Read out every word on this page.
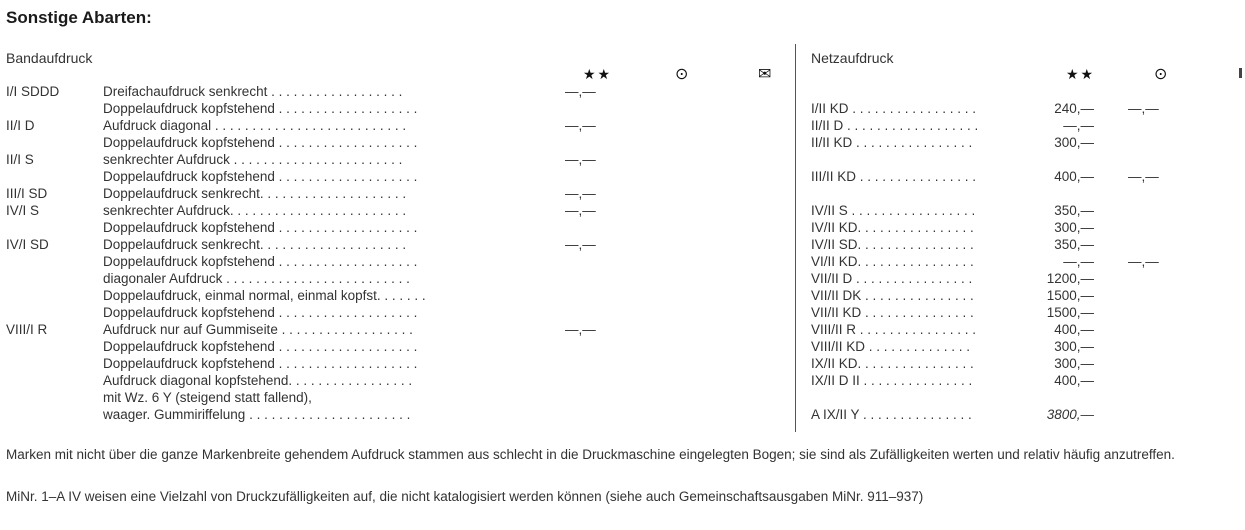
Sonstige Abarten:
Bandaufdruck
★★	⊙	✉
Netzaufdruck
★★	⊙
I/I SDDD	Dreifachaufdruck senkrecht . . . . . . . . . . . . . . . . . .	—,—
Doppelaufdruck kopfstehend . . . . . . . . . . . . . . . . . . .
II/I D	Aufdruck diagonal . . . . . . . . . . . . . . . . . . . . . . . . . .	—,—
Doppelaufdruck kopfstehend . . . . . . . . . . . . . . . . . . .
II/I S	senkrechter Aufdruck . . . . . . . . . . . . . . . . . . . . . . .	—,—
Doppelaufdruck kopfstehend . . . . . . . . . . . . . . . . . . .
III/I SD	Doppelaufdruck senkrecht. . . . . . . . . . . . . . . . . . . .	—,—
IV/I S	senkrechter Aufdruck. . . . . . . . . . . . . . . . . . . . . . . .	—,—
Doppelaufdruck kopfstehend . . . . . . . . . . . . . . . . . . .
IV/I SD	Doppelaufdruck senkrecht. . . . . . . . . . . . . . . . . . . .	—,—
Doppelaufdruck kopfstehend . . . . . . . . . . . . . . . . . . .
diagonaler Aufdruck . . . . . . . . . . . . . . . . . . . . . . . . .
Doppelaufdruck, einmal normal, einmal kopfst. . . . . . .
Doppelaufdruck kopfstehend . . . . . . . . . . . . . . . . . . .
VIII/I R	Aufdruck nur auf Gummiseite . . . . . . . . . . . . . . . . . .	—,—
Doppelaufdruck kopfstehend . . . . . . . . . . . . . . . . . . .
Doppelaufdruck kopfstehend . . . . . . . . . . . . . . . . . . .
Aufdruck diagonal kopfstehend. . . . . . . . . . . . . . . . .
mit Wz. 6 Y (steigend statt fallend),
waager. Gummiriffelung . . . . . . . . . . . . . . . . . . . . . .
I/II KD . . . . . . . . . . . . . . . . .	240,—	—,—
II/II D . . . . . . . . . . . . . . . . . .	—,—
II/II KD . . . . . . . . . . . . . . . .	300,—
III/II KD . . . . . . . . . . . . . . . .	400,—	—,—
IV/II S . . . . . . . . . . . . . . . . .	350,—
IV/II KD. . . . . . . . . . . . . . . .	300,—
IV/II SD. . . . . . . . . . . . . . . .	350,—
VI/II KD. . . . . . . . . . . . . . . .	—,—	—,—
VII/II D . . . . . . . . . . . . . . . .	1200,—
VII/II DK . . . . . . . . . . . . . . .	1500,—
VII/II KD . . . . . . . . . . . . . . .	1500,—
VIII/II R . . . . . . . . . . . . . . . .	400,—
VIII/II KD . . . . . . . . . . . . . .	300,—
IX/II KD. . . . . . . . . . . . . . . .	300,—
IX/II D II . . . . . . . . . . . . . . .	400,—
A IX/II Y . . . . . . . . . . . . . . .	3800,—
Marken mit nicht über die ganze Markenbreite gehendem Aufdruck stammen aus schlecht in die Druckmaschine eingelegten Bogen; sie sind als Zufälligkeiten werten und relativ häufig anzutreffen.
MiNr. 1–A IV weisen eine Vielzahl von Druckzufälligkeiten auf, die nicht katalogisiert werden können (siehe auch Gemeinschaftsausgaben MiNr. 911–937)
